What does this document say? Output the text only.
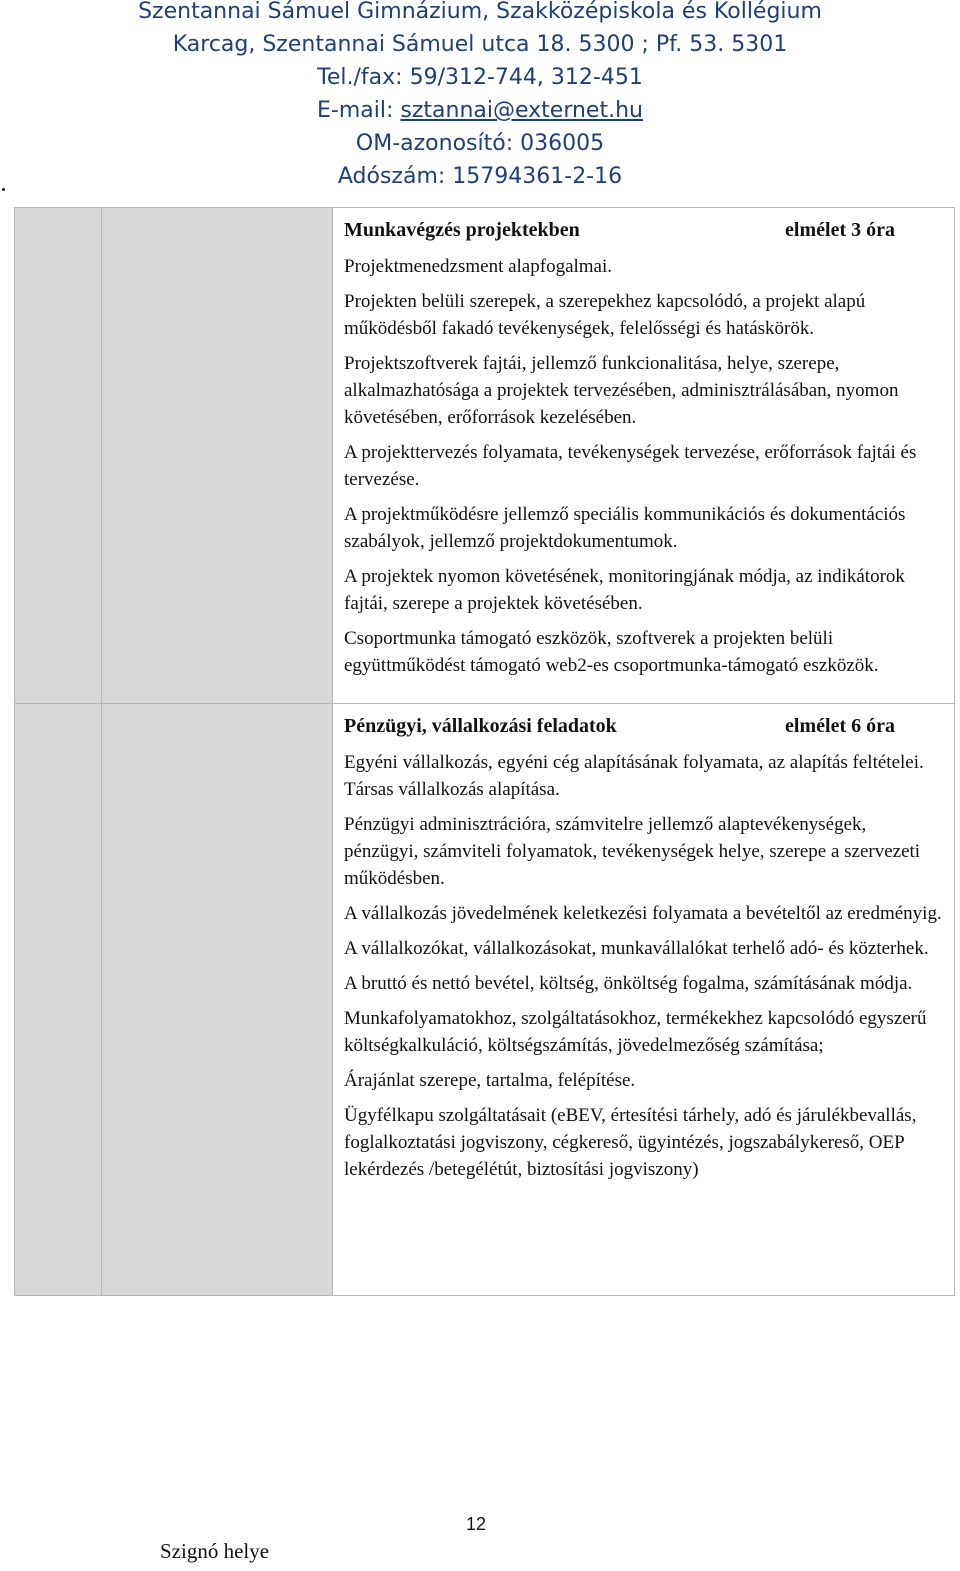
Szentannai Sámuel Gimnázium, Szakközépiskola és Kollégium
Karcag, Szentannai Sámuel utca 18. 5300 ; Pf. 53. 5301
Tel./fax: 59/312-744, 312-451
E-mail: sztannai@externet.hu
OM-azonosító: 036005
Adószám: 15794361-2-16
Munkavégzés projektekben	elmélet 3 óra

Projektmenedzsment alapfogalmai.

Projekten belüli szerepek, a szerepekhez kapcsolódó, a projekt alapú működésből fakadó tevékenységek, felelősségi és hatáskörök.

Projektszoftverek fajtái, jellemző funkcionalitása, helye, szerepe, alkalmazhatósága a projektek tervezésében, adminisztrálásában, nyomon követésében, erőforrások kezelésében.

A projekttervezés folyamata, tevékenységek tervezése, erőforrások fajtái és tervezése.

A projektműködésre jellemző speciális kommunikációs és dokumentációs szabályok, jellemző projektdokumentumok.

A projektek nyomon követésének, monitoringjának módja, az indikátorok fajtái, szerepe a projektek követésében.

Csoportmunka támogató eszközök, szoftverek a projekten belüli együttműködést támogató web2-es csoportmunka-támogató eszközök.

Pénzügyi, vállalkozási feladatok	elmélet 6 óra

Egyéni vállalkozás, egyéni cég alapításának folyamata, az alapítás feltételei. Társas vállalkozás alapítása.

Pénzügyi adminisztrációra, számvitelre jellemző alaptevékenységek, pénzügyi, számviteli folyamatok, tevékenységek helye, szerepe a szervezeti működésben.

A vállalkozás jövedelmének keletkezési folyamata a bevételtől az eredményig.

A vállalkozókat, vállalkozásokat, munkavállalókat terhelő adó- és közterhek.

A bruttó és nettó bevétel, költség, önköltség fogalma, számításának módja.

Munkafolyamatokhoz, szolgáltatásokhoz, termékekhez kapcsolódó egyszerű költségkalkuláció, költségszámítás, jövedelmezőség számítása;

Árajánlat szerepe, tartalma, felépítése.

Ügyfélkapu szolgáltatásait (eBEV, értesítési tárhely, adó és járulékbevallás, foglalkoztatási jogviszony, cégkereső, ügyintézés, jogszabálykereső, OEP lekérdezés /betegélétút, biztosítási jogviszony)

12
Szignó helye
